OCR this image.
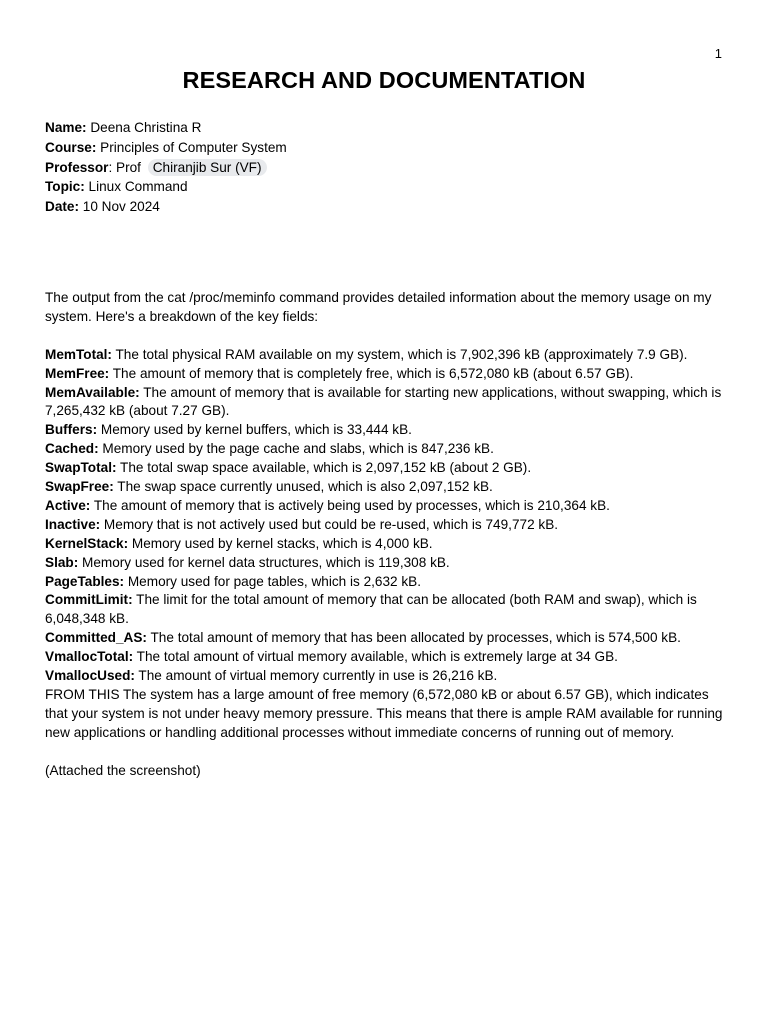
1
RESEARCH AND DOCUMENTATION
Name: Deena Christina R
Course: Principles of Computer System
Professor: Prof Chiranjib Sur (VF)
Topic: Linux Command
Date: 10 Nov 2024

The output from the cat /proc/meminfo command provides detailed information about the memory usage on my system. Here's a breakdown of the key fields:

MemTotal: The total physical RAM available on my system, which is 7,902,396 kB (approximately 7.9 GB).

MemFree: The amount of memory that is completely free, which is 6,572,080 kB (about 6.57 GB).

MemAvailable: The amount of memory that is available for starting new applications, without swapping, which is 7,265,432 kB (about 7.27 GB).

Buffers: Memory used by kernel buffers, which is 33,444 kB.

Cached: Memory used by the page cache and slabs, which is 847,236 kB.

SwapTotal: The total swap space available, which is 2,097,152 kB (about 2 GB).

SwapFree: The swap space currently unused, which is also 2,097,152 kB.

Active: The amount of memory that is actively being used by processes, which is 210,364 kB.

Inactive: Memory that is not actively used but could be re-used, which is 749,772 kB.

KernelStack: Memory used by kernel stacks, which is 4,000 kB.

Slab: Memory used for kernel data structures, which is 119,308 kB.

PageTables: Memory used for page tables, which is 2,632 kB.

CommitLimit: The limit for the total amount of memory that can be allocated (both RAM and swap), which is 6,048,348 kB.

Committed_AS: The total amount of memory that has been allocated by processes, which is 574,500 kB.

VmallocTotal: The total amount of virtual memory available, which is extremely large at 34 GB.

VmallocUsed: The amount of virtual memory currently in use is 26,216 kB.

FROM THIS The system has a large amount of free memory (6,572,080 kB or about 6.57 GB), which indicates that your system is not under heavy memory pressure. This means that there is ample RAM available for running new applications or handling additional processes without immediate concerns of running out of memory.

(Attached the screenshot)
